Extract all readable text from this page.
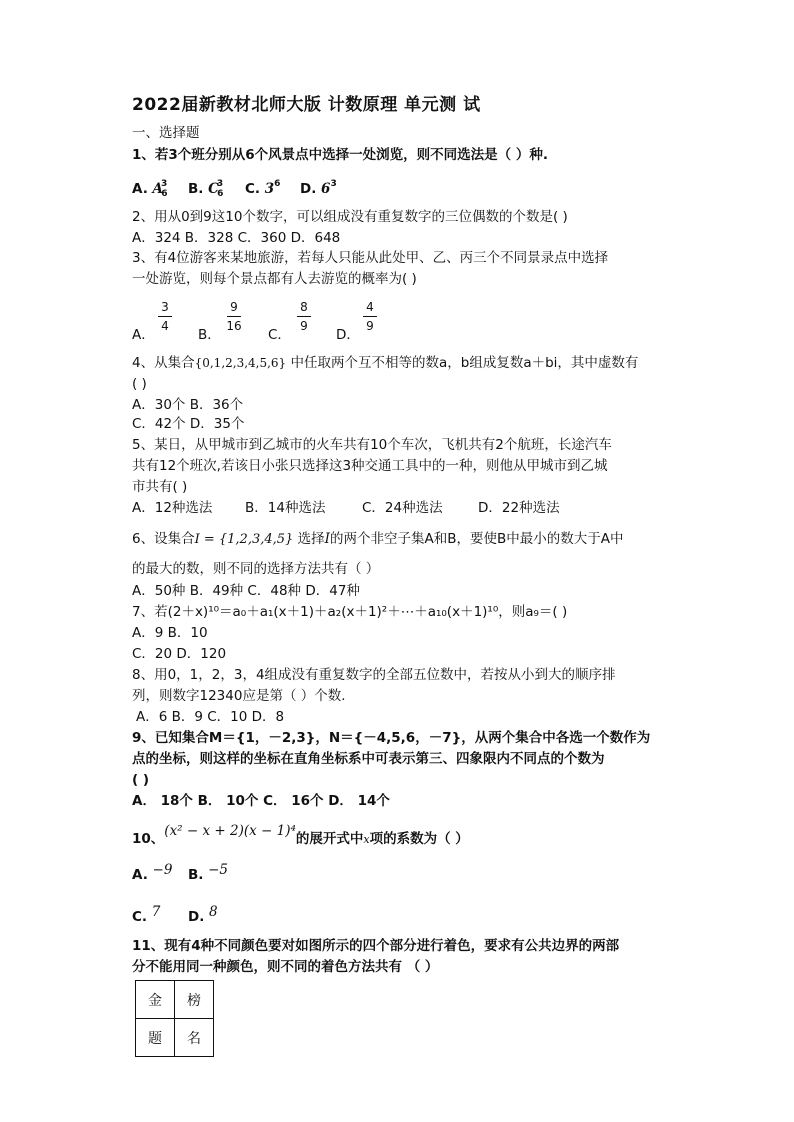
2022届新教材北师大版 计数原理 单元测 试
一、选择题
1、若3个班分别从6个风景点中选择一处浏览，则不同选法是（ ）种.
A. $A^3_6$	B. $C^3_6$	C. $3^6$ D. $6^3$
2、用从0到9这10个数字，可以组成没有重复数字的三位偶数的个数是( )
A．324 B．328 C．360 D．648
3、有4位游客来某地旅游，若每人只能从此处甲、乙、丙三个不同景录点中选择
一处游览，则每个景点都有人去游览的概率为( )
A．
3
4
B．
9
16
C．
8
9
D．
4
9
4、从集合{0,1,2,3,4,5,6} 中任取两个互不相等的数a，b组成复数a＋bi，其中虚数有
( )
A．30个 B．36个
C．42个 D．35个
5、某日，从甲城市到乙城市的火车共有10个车次，飞机共有2个航班，长途汽车
共有12个班次,若该日小张只选择这3种交通工具中的一种，则他从甲城市到乙城
市共有( )
A．12种选法 B．14种选法	C．24种选法	D．22种选法
6、设集合I = {1,2,3,4,5} 选择I的两个非空子集A和B，要使B中最小的数大于A中
的最大的数，则不同的选择方法共有（ ）
A．50种 B．49种 C．48种 D．47种
7、若(2＋x)¹⁰＝a₀＋a₁(x＋1)＋a₂(x＋1)²＋⋯＋a₁₀(x＋1)¹⁰，则a₉＝( )
A．9 B．10
C．20 D．120
8、用0，1，2，3，4组成没有重复数字的全部五位数中，若按从小到大的顺序排
列，则数字12340应是第（ ）个数.
A．6 B．9 C．10 D．8
9、已知集合M＝{1，－2,3}，N＝{－4,5,6，－7}，从两个集合中各选一个数作为
点的坐标，则这样的坐标在直角坐标系中可表示第三、四象限内不同点的个数为
( )
A． 18个 B． 10个 C． 16个 D． 14个
10、(x² − x + 2)(x − 1)⁴的展开式中x项的系数为（ ）
A. −9 B. −5
C. 7 D. 8
11、现有4种不同颜色要对如图所示的四个部分进行着色，要求有公共边界的两部
分不能用同一种颜色，则不同的着色方法共有 （ ）
金	榜
题	名
